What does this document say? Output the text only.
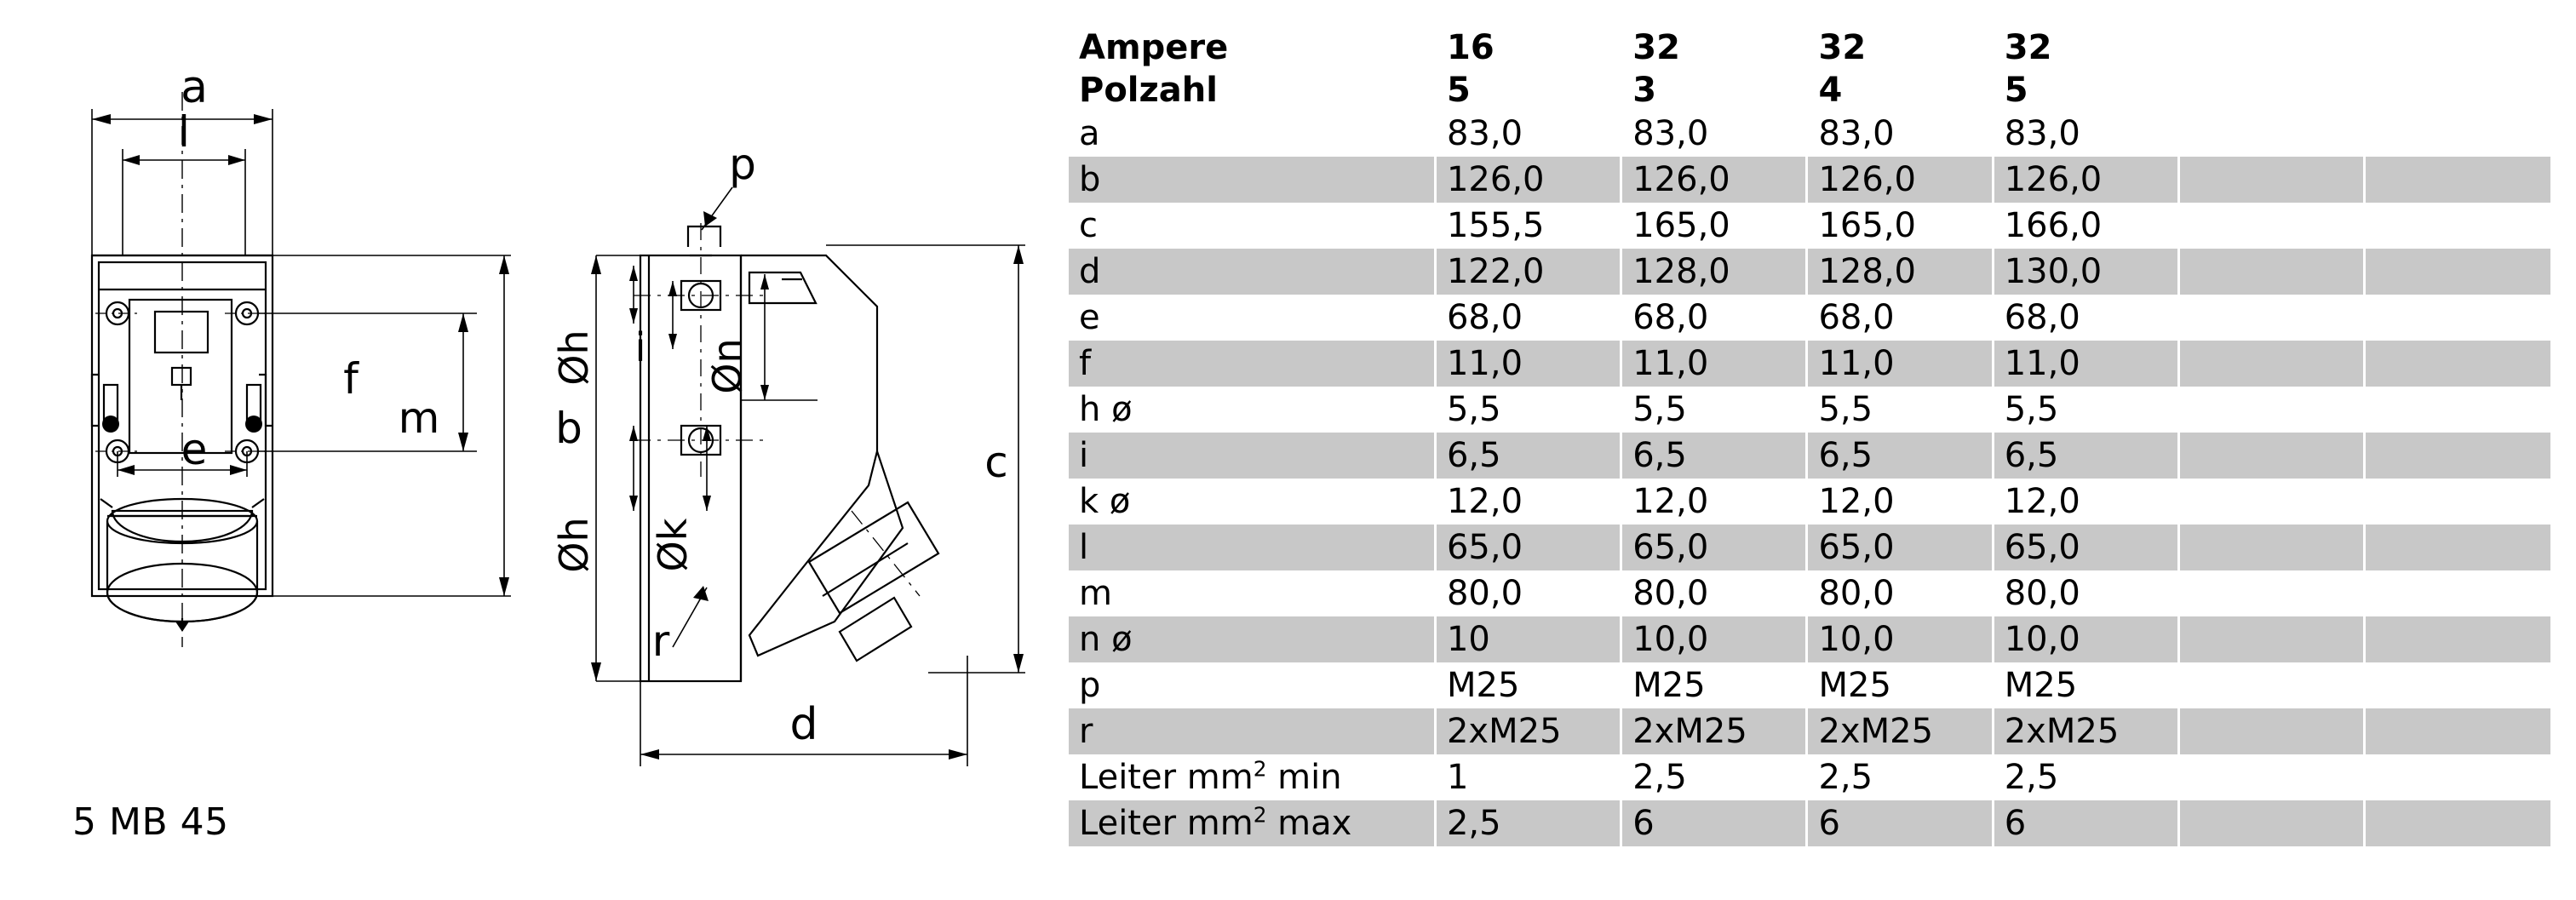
a
l
f
m
e	b
p
Øh i Øn
Øh Øk
r
c
d
5 MB 45
Ampere	16	32	32	32		
Polzahl	5	3	4	5		
a	83,0	83,0	83,0	83,0		
b	126,0	126,0	126,0	126,0		
c	155,5	165,0	165,0	166,0		
d	122,0	128,0	128,0	130,0		
e	68,0	68,0	68,0	68,0		
f	11,0	11,0	11,0	11,0		
h ø	5,5	5,5	5,5	5,5		
i	6,5	6,5	6,5	6,5		
k ø	12,0	12,0	12,0	12,0		
l	65,0	65,0	65,0	65,0		
m	80,0	80,0	80,0	80,0		
n ø	10	10,0	10,0	10,0		
p	M25	M25	M25	M25		
r	2xM25	2xM25	2xM25	2xM25		
Leiter $mm^2$ min	1	2,5	2,5	2,5		
Leiter $mm^2$ max	2,5	6	6	6		
